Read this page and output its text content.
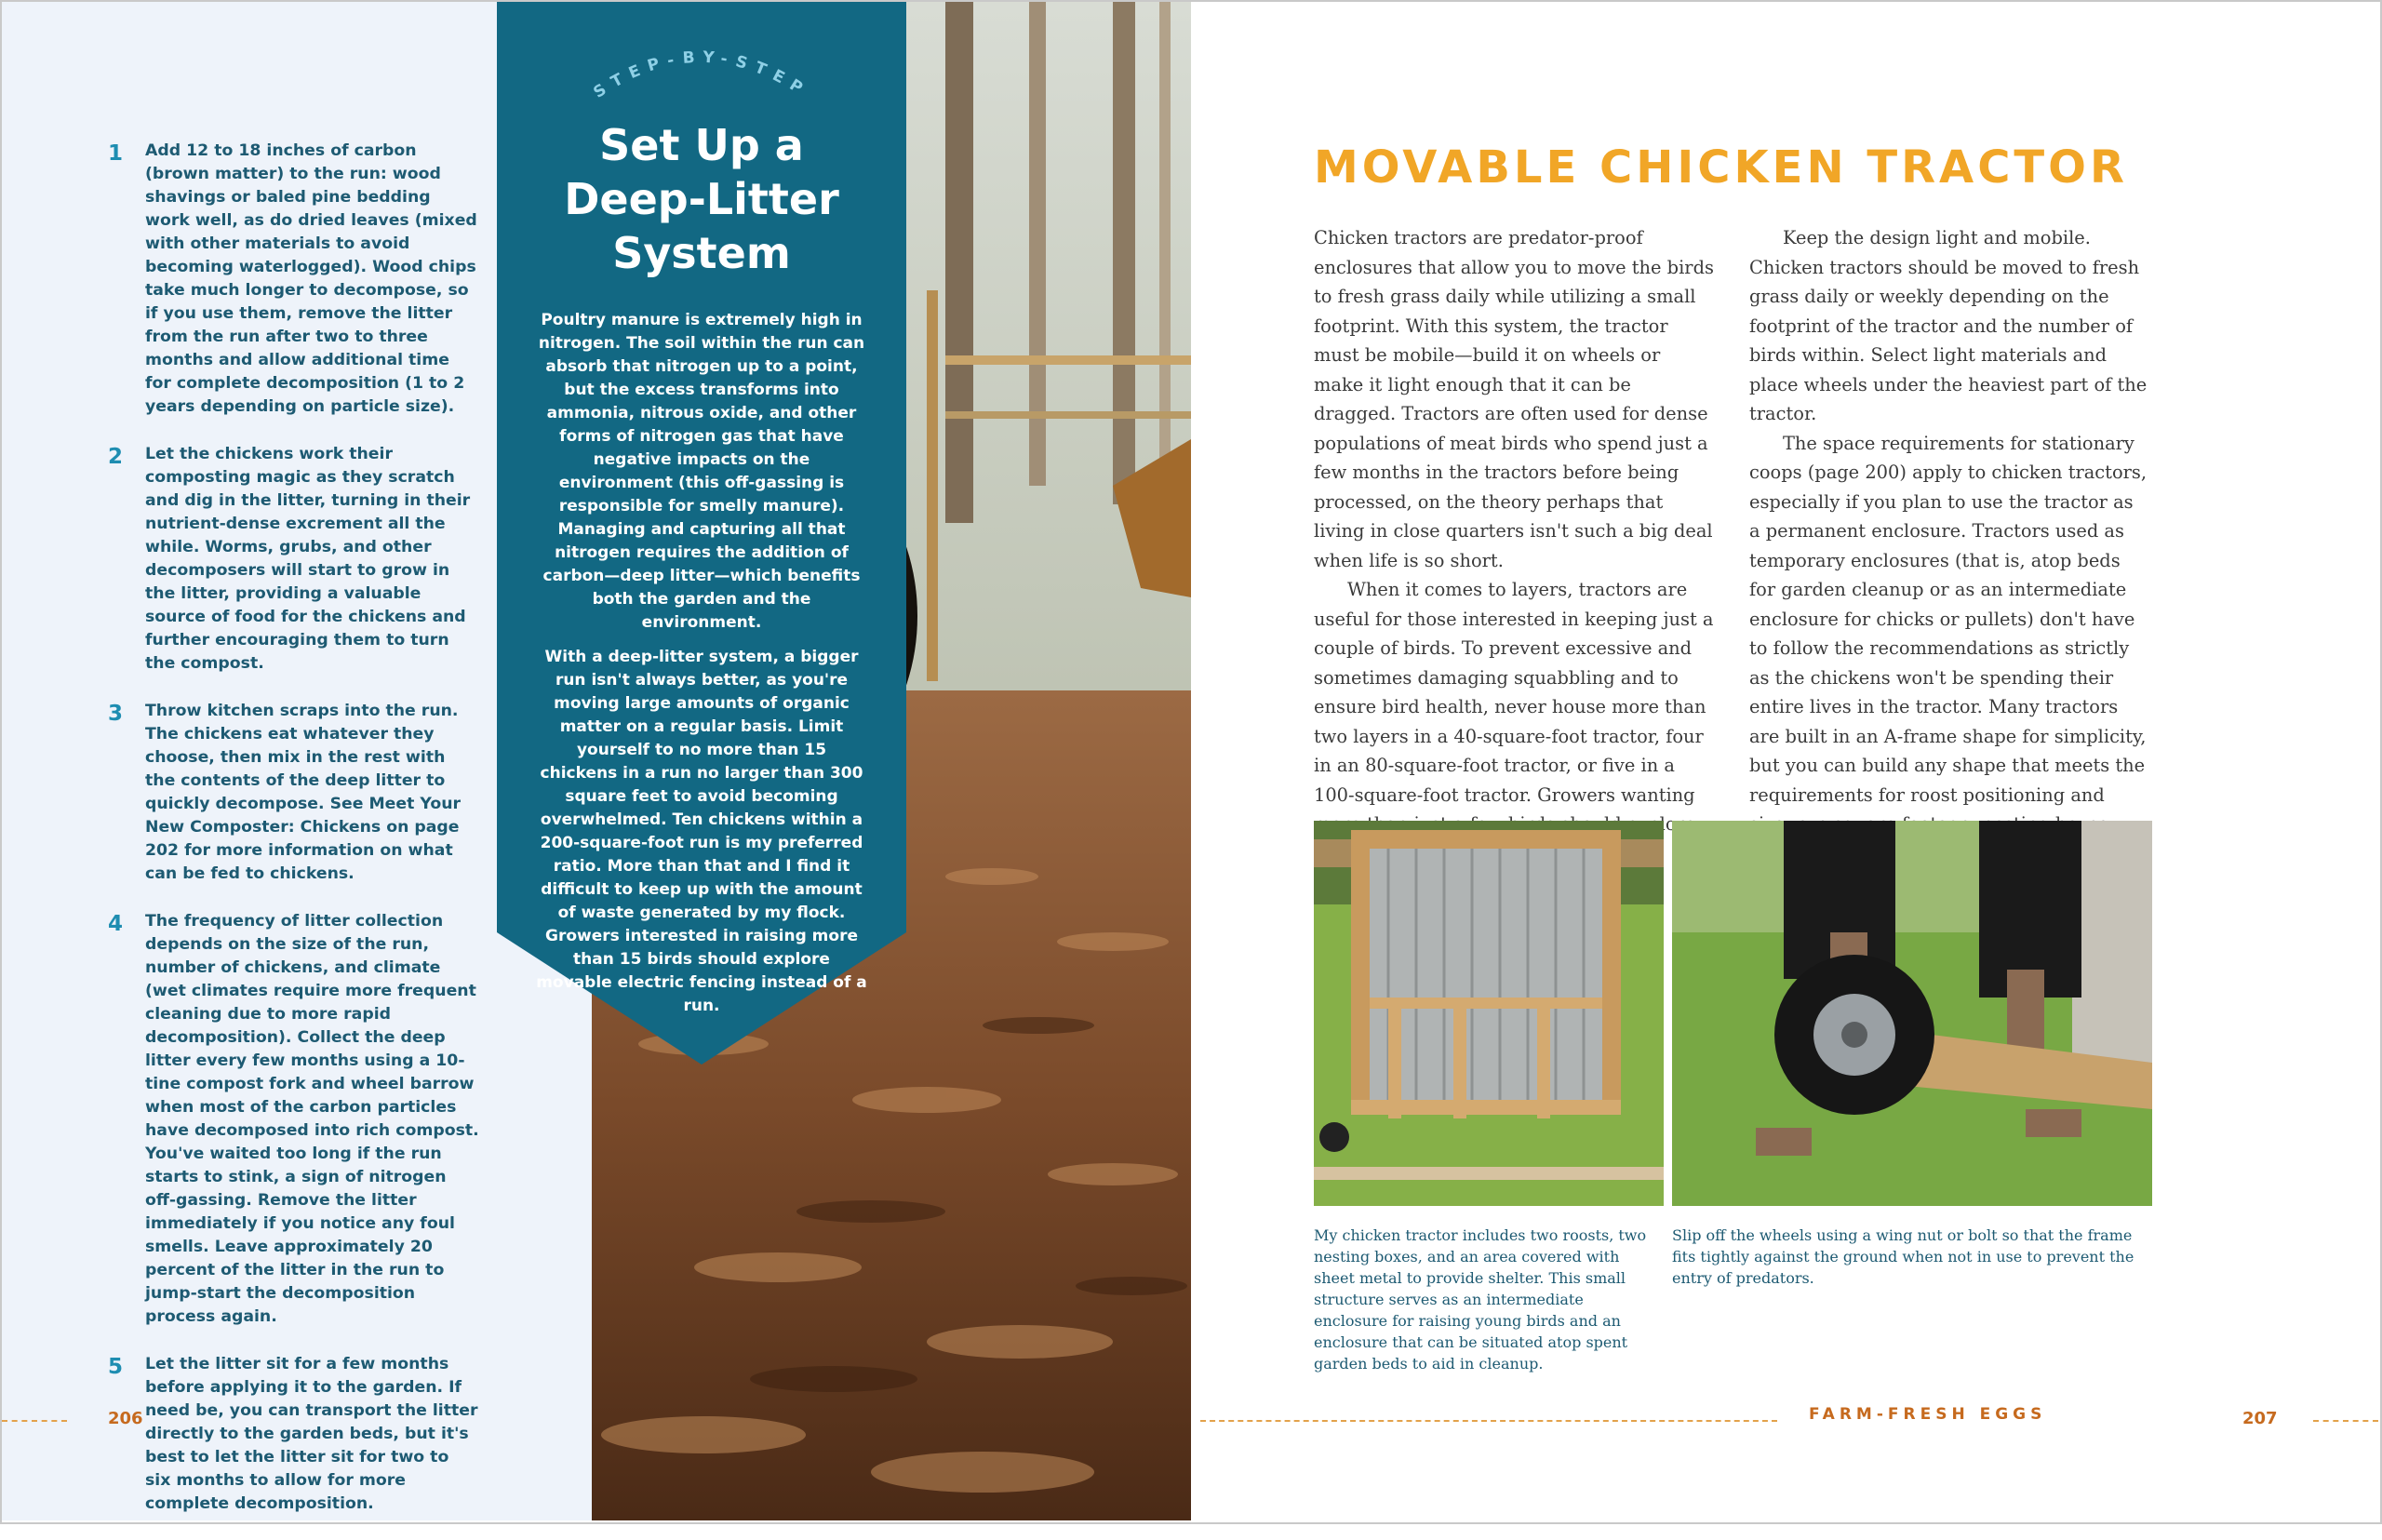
1 Add 12 to 18 inches of carbon (brown matter) to the run: wood shavings or baled pine bedding work well, as do dried leaves (mixed with other materials to avoid becoming waterlogged). Wood chips take much longer to decompose, so if you use them, remove the litter from the run after two to three months and allow additional time for complete decomposition (1 to 2 years depending on particle size).
2 Let the chickens work their composting magic as they scratch and dig in the litter, turning in their nutrient-dense excrement all the while. Worms, grubs, and other decomposers will start to grow in the litter, providing a valuable source of food for the chickens and further encouraging them to turn the compost.
3 Throw kitchen scraps into the run. The chickens eat whatever they choose, then mix in the rest with the contents of the deep litter to quickly decompose. See Meet Your New Composter: Chickens on page 202 for more information on what can be fed to chickens.
4 The frequency of litter collection depends on the size of the run, number of chickens, and climate (wet climates require more frequent cleaning due to more rapid decomposition). Collect the deep litter every few months using a 10-tine compost fork and wheel barrow when most of the carbon particles have decomposed into rich compost. You've waited too long if the run starts to stink, a sign of nitrogen off-gassing. Remove the litter immediately if you notice any foul smells. Leave approximately 20 percent of the litter in the run to jump-start the decomposition process again.
5 Let the litter sit for a few months before applying it to the garden. If need be, you can transport the litter directly to the garden beds, but it's best to let the litter sit for two to six months to allow for more complete decomposition.
206
STEP-BY-STEP
Set Up a
Deep-Litter
System

Poultry manure is extremely high in nitrogen. The soil within the run can absorb that nitrogen up to a point, but the excess transforms into ammonia, nitrous oxide, and other forms of nitrogen gas that have negative impacts on the environment (this off-gassing is responsible for smelly manure). Managing and capturing all that nitrogen requires the addition of carbon—deep litter—which benefits both the garden and the environment.

With a deep-litter system, a bigger run isn't always better, as you're moving large amounts of organic matter on a regular basis. Limit yourself to no more than 15 chickens in a run no larger than 300 square feet to avoid becoming overwhelmed. Ten chickens within a 200-square-foot run is my preferred ratio. More than that and I find it difficult to keep up with the amount of waste generated by my flock. Growers interested in raising more than 15 birds should explore movable electric fencing instead of a run.

MOVABLE CHICKEN TRACTOR

Chicken tractors are predator-proof enclosures that allow you to move the birds to fresh grass daily while utilizing a small footprint. With this system, the tractor must be mobile—build it on wheels or make it light enough that it can be dragged. Tractors are often used for dense populations of meat birds who spend just a few months in the tractors before being processed, on the theory perhaps that living in close quarters isn't such a big deal when life is so short.

When it comes to layers, tractors are useful for those interested in keeping just a couple of birds. To prevent excessive and sometimes damaging squabbling and to ensure bird health, never house more than two layers in a 40-square-foot tractor, four in an 80-square-foot tractor, or five in a 100-square-foot tractor. Growers wanting

Keep the design light and mobile. Chicken tractors should be moved to fresh grass daily or weekly depending on the footprint of the tractor and the number of birds within. Select light materials and place wheels under the heaviest part of the tractor.

The space requirements for stationary coops (page 200) apply to chicken tractors, especially if you plan to use the tractor as a permanent enclosure. Tractors used as temporary enclosures (that is, atop beds for garden cleanup or as an intermediate enclosure for chicks or pullets) don't have to follow the recommendations as strictly as the chickens won't be spending their entire lives in the tractor. Many tractors are built in an A-frame shape for simplicity, but you can build any shape that meets the requirements for roost positioning and

My chicken tractor includes two roosts, two nesting boxes, and an area covered with sheet metal to provide shelter. This small structure serves as an intermediate enclosure for raising young birds and an enclosure that can be situated atop spent garden beds to aid in cleanup.
Slip off the wheels using a wing nut or bolt so that the frame fits tightly against the ground when not in use to prevent the entry of predators.
FARM-FRESH EGGS	207
